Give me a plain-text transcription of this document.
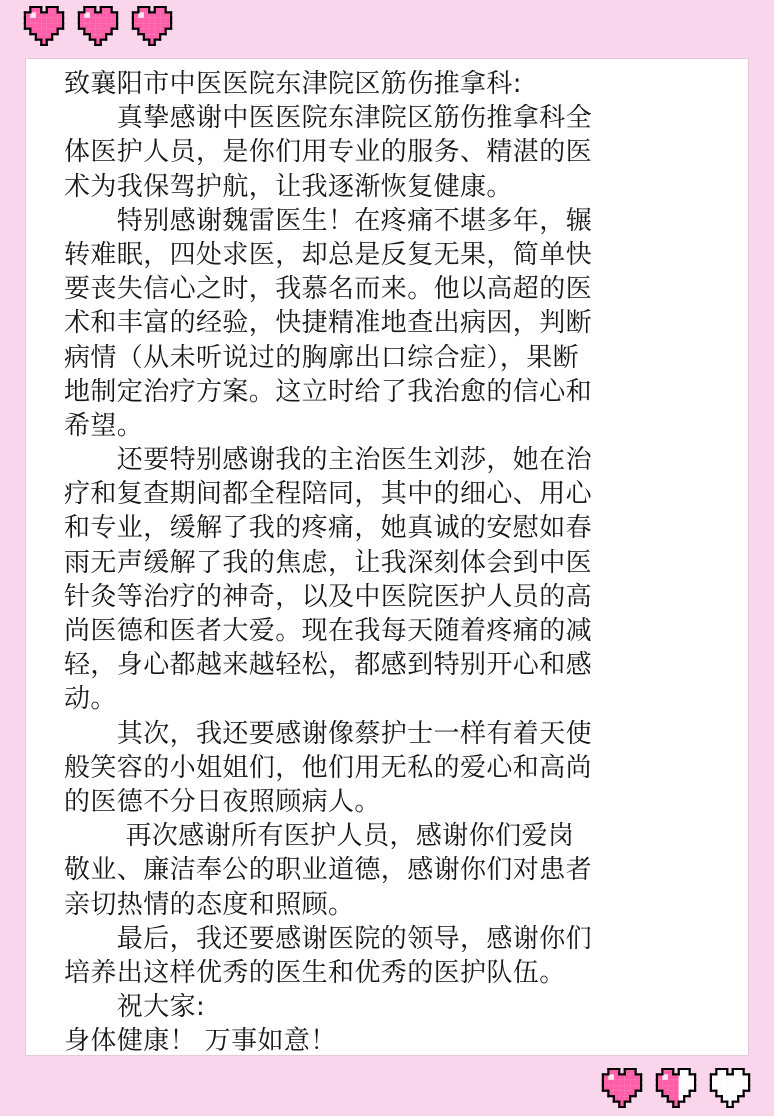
致襄阳市中医医院东津院区筋伤推拿科:
　　真挚感谢中医医院东津院区筋伤推拿科全
体医护人员，是你们用专业的服务、精湛的医
术为我保驾护航，让我逐渐恢复健康。
　　特别感谢魏雷医生！在疼痛不堪多年，辗
转难眠，四处求医，却总是反复无果，简单快
要丧失信心之时，我慕名而来。他以高超的医
术和丰富的经验，快捷精准地查出病因，判断
病情（从未听说过的胸廓出口综合症），果断
地制定治疗方案。这立时给了我治愈的信心和
希望。
　　还要特别感谢我的主治医生刘莎，她在治
疗和复查期间都全程陪同，其中的细心、用心
和专业，缓解了我的疼痛，她真诚的安慰如春
雨无声缓解了我的焦虑，让我深刻体会到中医
针灸等治疗的神奇，以及中医院医护人员的高
尚医德和医者大爱。现在我每天随着疼痛的减
轻，身心都越来越轻松，都感到特别开心和感
动。
　　其次，我还要感谢像蔡护士一样有着天使
般笑容的小姐姐们，他们用无私的爱心和高尚
的医德不分日夜照顾病人。
　　 再次感谢所有医护人员，感谢你们爱岗
敬业、廉洁奉公的职业道德，感谢你们对患者
亲切热情的态度和照顾。
　　最后，我还要感谢医院的领导，感谢你们
培养出这样优秀的医生和优秀的医护队伍。
　　祝大家:
身体健康！ 万事如意！
